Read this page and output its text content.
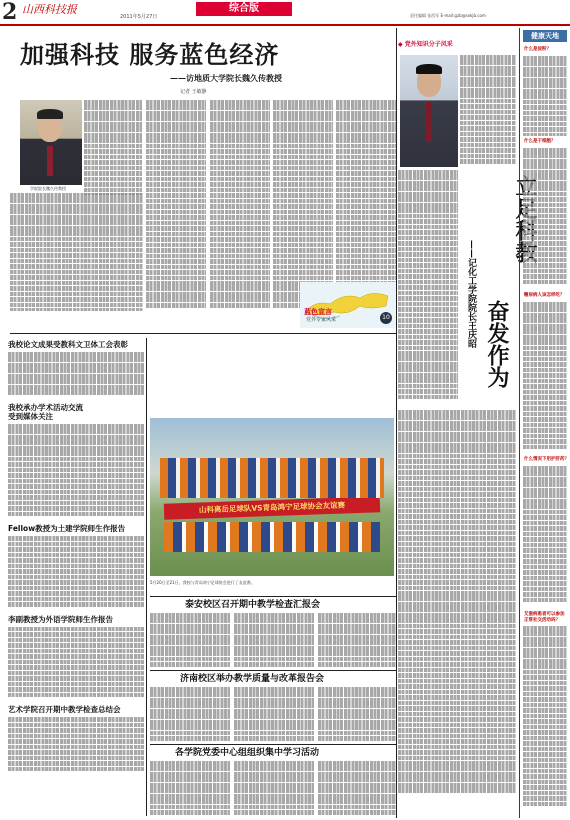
2 山西科技报
2011年5月27日
综合版
责任编辑 张西军 E-mail:gzb@sxkjb.com
加强科技 服务蓝色经济
——访地质大学院长魏久传教授
记者 王敏静
学院院长魏久传教授
蓝色宣言
党外专家风采	10
◆ 党外知识分子风采
奋发作为
——记化工学院院长王庆昭
健康天地
什么是淀粉？
什么是干细胞？
糖尿病人该怎样吃？
什么情况下用护肝药？
艾滋病患者可以参加正常社交活动吗？
我校论文成果受教科文卫体工会表彰
我校承办学术活动交流
受到媒体关注
Fellow教授为土建学院师生作报告
李副教授为外语学院师生作报告
艺术学院召开期中教学检查总结会
山科离岳足球队VS青岛鸿宁足球协会友谊赛
5月20日至21日，我校与青岛鸿宁足球协会进行了友谊赛。
泰安校区召开期中教学检查汇报会
济南校区举办教学质量与改革报告会
各学院党委中心组组织集中学习活动
